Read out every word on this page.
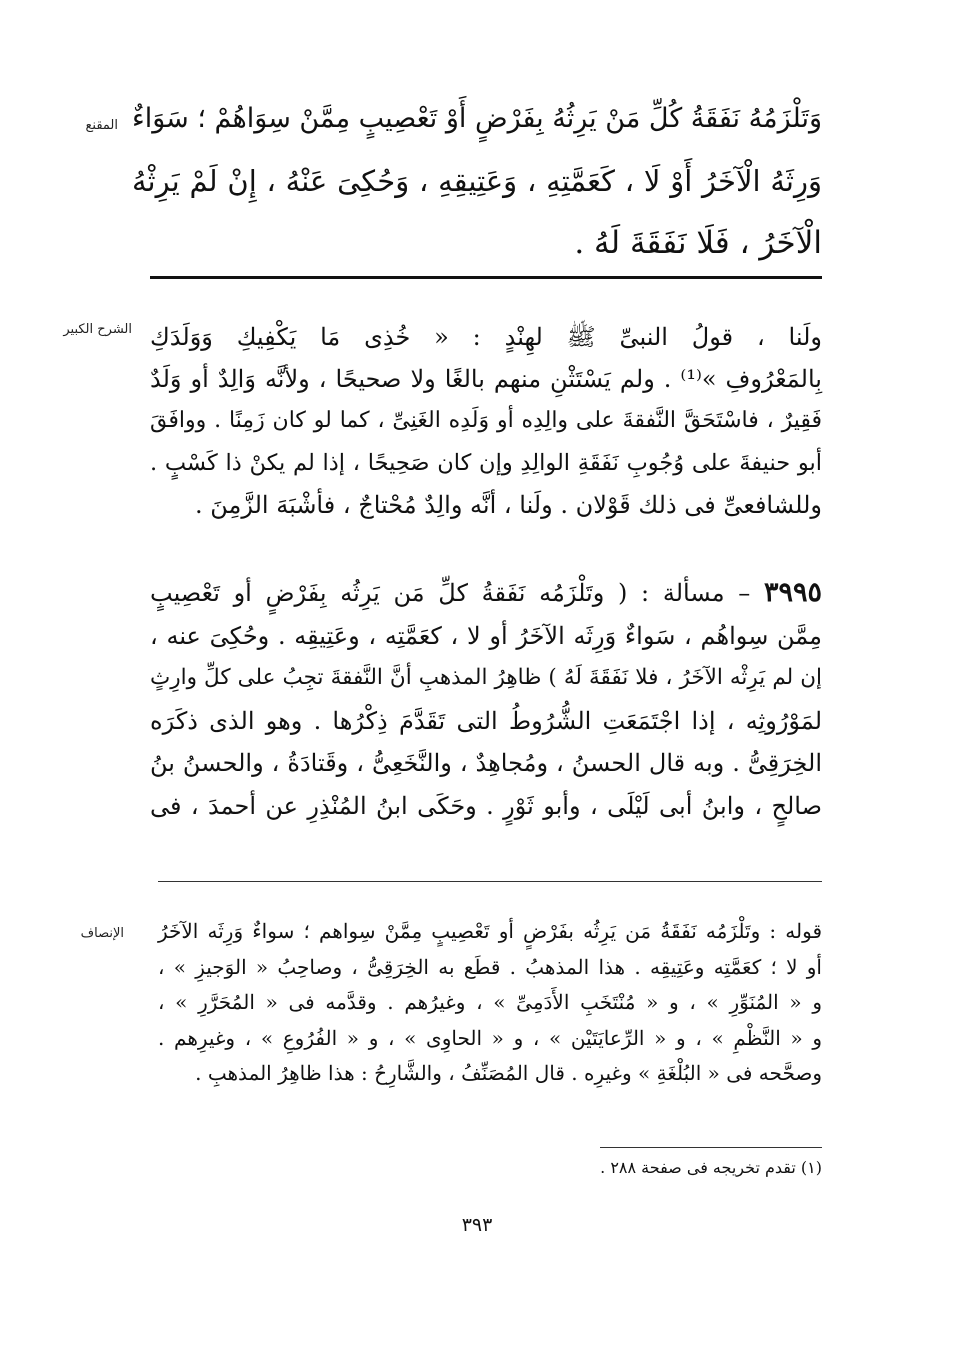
المقنع وَتَلْزَمُهُ نَفَقَةُ كُلِّ مَنْ يَرِثُهُ بِفَرْضٍ أَوْ تَعْصِيبٍ مِمَّنْ سِوَاهُمْ ؛ سَوَاءٌ
وَرِثَهُ الْآخَرُ أَوْ لَا ، كَعَمَّتِهِ ، وَعَتِيقِهِ ، وَحُكِىَ عَنْهُ ، إِنْ لَمْ يَرِثْهُ
الْآخَرُ ، فَلَا نَفَقَةَ لَهُ .
الشرح الكبير ولَنا ، قولُ النبىِّ ﷺ لهِنْدٍ : « خُذِى مَا يَكْفِيكِ وَوَلَدَكِ
بِالمَعْرُوفِ »⁽¹⁾ . ولم يَسْتَثْنِ منهم بالغًا ولا صحيحًا ، ولأنَّه وَالِدٌ أو وَلَدٌ
فَقِيرٌ ، فاسْتَحَقَّ النَّفقةَ على والِدِه أو وَلَدِه الغَنِىِّ ، كما لو كان زَمِنًا . ووافَقَ
أبو حنيفةَ على وُجُوبِ نَفَقَةِ الوالِدِ وإن كان صَحِيحًا ، إذا لم يكنْ ذا كَسْبٍ .
وللشافعىِّ فى ذلك قَوْلان . ولَنا ، أنَّه والِدٌ مُحْتاجٌ ، فأشْبَهَ الزَّمِنَ .
٣٩٩٥ – مسألة : ( وتَلْزَمُه نَفَقةُ كلِّ مَن يَرِثُه بِفَرْضٍ أو تَعْصِيبٍ
مِمَّن سِواهُم ، سَواءٌ وَرِثَه الآخَرُ أو لا ، كعَمَّتِه ، وعَتِيقِه . وحُكِىَ عنه ،
إن لم يَرِثْه الآخَرُ ، فلا نَفَقَةَ لَهُ ) ظاهِرُ المذهبِ أنَّ النَّفقةَ تجِبُ على كلِّ وارِثٍ
لمَوْرُوثِه ، إذا اجْتَمَعَتِ الشُّرُوطُ التى تَقَدَّمَ ذِكْرُها . وهو الذى ذكَرَه
الخِرَقِىُّ . وبه قال الحسنُ ، ومُجاهِدٌ ، والنَّخَعِىُّ ، وقَتادَةُ ، والحسنُ بنُ
صالحٍ ، وابنُ أبى لَيْلَى ، وأبو ثَوْرٍ . وحَكَى ابنُ المُنْذِرِ عن أحمدَ ، فى
الإنصاف قوله : وتَلْزَمُه نَفَقَةُ مَن يَرِثُه بفَرْضٍ أو تَعْصِيبٍ مِمَّنْ سِواهم ؛ سواءٌ وَرِثَه الآخَرُ
أو لا ؛ كعَمَّتِه وعَتِيقِه . هذا المذهبُ . قطَع به الخِرَقِىُّ ، وصاحِبُ « الوَجيزِ » ،
و « المُنَوِّرِ » ، و « مُنْتَخَبِ الأَدَمِىِّ » ، وغيرُهم . وقدَّمه فى « المُحَرَّرِ » ،
و « النَّظْمِ » ، و « الرِّعايَتَيْن » ، و « الحاوِى » ، و « الفُرُوعِ » ، وغيرِهم .
وصحَّحه فى « البُلْغَةِ » وغيرِه . قال المُصَنِّفُ ، والشَّارِحُ : هذا ظاهِرُ المذهبِ .
(١) تقدم تخريجه فى صفحة ٢٨٨ .
٣٩٣
